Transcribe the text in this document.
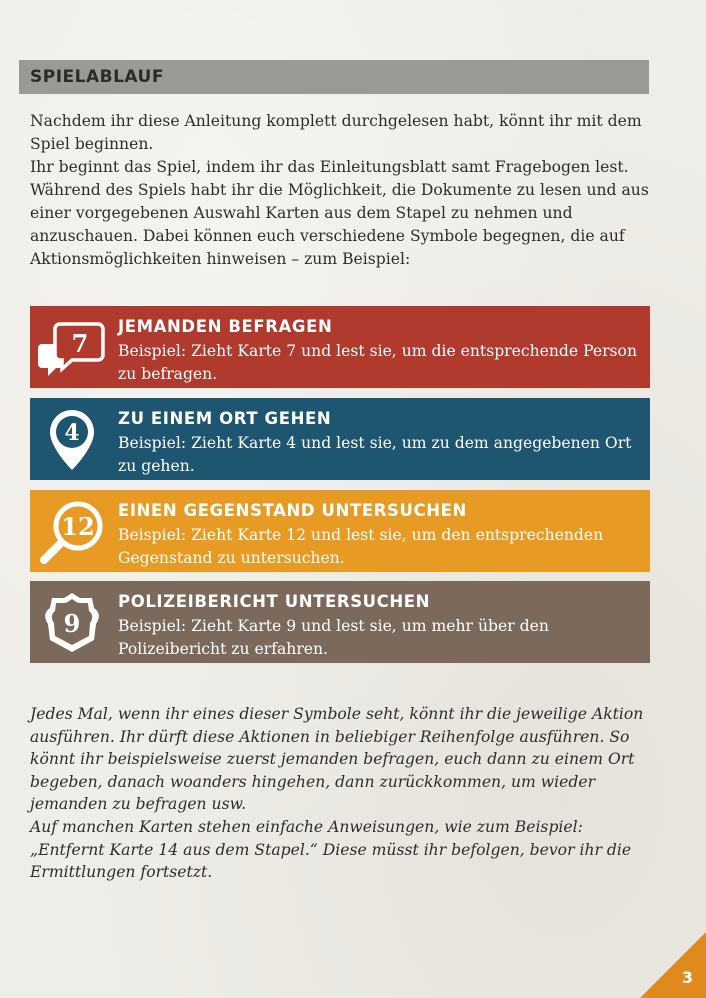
SPIELABLAUF

Nachdem ihr diese Anleitung komplett durchgelesen habt, könnt ihr mit dem Spiel beginnen.

Ihr beginnt das Spiel, indem ihr das Einleitungsblatt samt Fragebogen lest. Während des Spiels habt ihr die Möglichkeit, die Dokumente zu lesen und aus einer vorgegebenen Auswahl Karten aus dem Stapel zu nehmen und anzuschauen. Dabei können euch verschiedene Symbole begegnen, die auf Aktionsmöglichkeiten hinweisen – zum Beispiel:

7
JEMANDEN BEFRAGEN
Beispiel: Zieht Karte 7 und lest sie, um die entsprechende Person zu befragen.
4
ZU EINEM ORT GEHEN
Beispiel: Zieht Karte 4 und lest sie, um zu dem angegebenen Ort zu gehen.
12
EINEN GEGENSTAND UNTERSUCHEN
Beispiel: Zieht Karte 12 und lest sie, um den entsprechenden Gegenstand zu untersuchen.
9
POLIZEIBERICHT UNTERSUCHEN
Beispiel: Zieht Karte 9 und lest sie, um mehr über den Polizeibericht zu erfahren.

Jedes Mal, wenn ihr eines dieser Symbole seht, könnt ihr die jeweilige Aktion ausführen. Ihr dürft diese Aktionen in beliebiger Reihenfolge ausführen. So könnt ihr beispielsweise zuerst jemanden befragen, euch dann zu einem Ort begeben, danach woanders hingehen, dann zurückkommen, um wieder jemanden zu befragen usw.

Auf manchen Karten stehen einfache Anweisungen, wie zum Beispiel: „Entfernt Karte 14 aus dem Stapel.“ Diese müsst ihr befolgen, bevor ihr die Ermittlungen fortsetzt.

3
